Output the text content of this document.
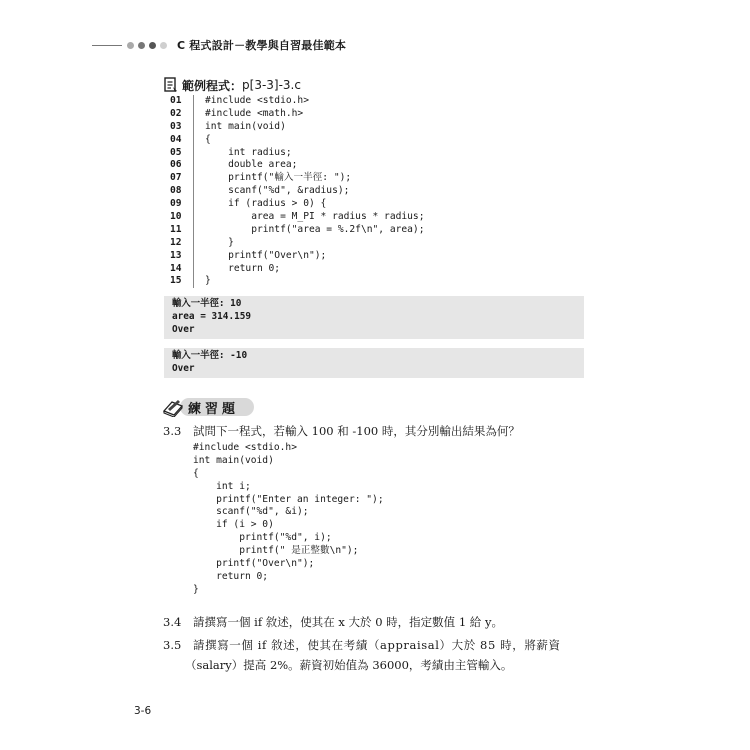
C 程式設計－教學與自習最佳範本
範例程式： p[3-3]-3.c
01	#include <stdio.h>
02	#include <math.h>
03	int main(void)
04	{
05	int radius;
06	double area;
07	printf("輸入一半徑: ");
08	scanf("%d", &radius);
09	if (radius > 0) {
10	area = M_PI * radius * radius;
11	printf("area = %.2f\n", area);
12	}
13	printf("Over\n");
14	return 0;
15	}
輸入一半徑: 10
area = 314.159
Over
輸入一半徑: -10
Over
練習題
3.3 試問下一程式，若輸入 100 和 -100 時，其分別輸出結果為何？
#include <stdio.h>
int main(void)
{
int i;
printf("Enter an integer: ");
scanf("%d", &i);
if (i > 0)
printf("%d", i);
printf(" 是正整數\n");
printf("Over\n");
return 0;
}
3.4 請撰寫一個 if 敘述，使其在 x 大於 0 時，指定數值 1 給 y。
3.5 請撰寫一個 if 敘述，使其在考績（appraisal）大於 85 時，將薪資
（salary）提高 2%。薪資初始值為 36000，考績由主管輸入。
3-6
